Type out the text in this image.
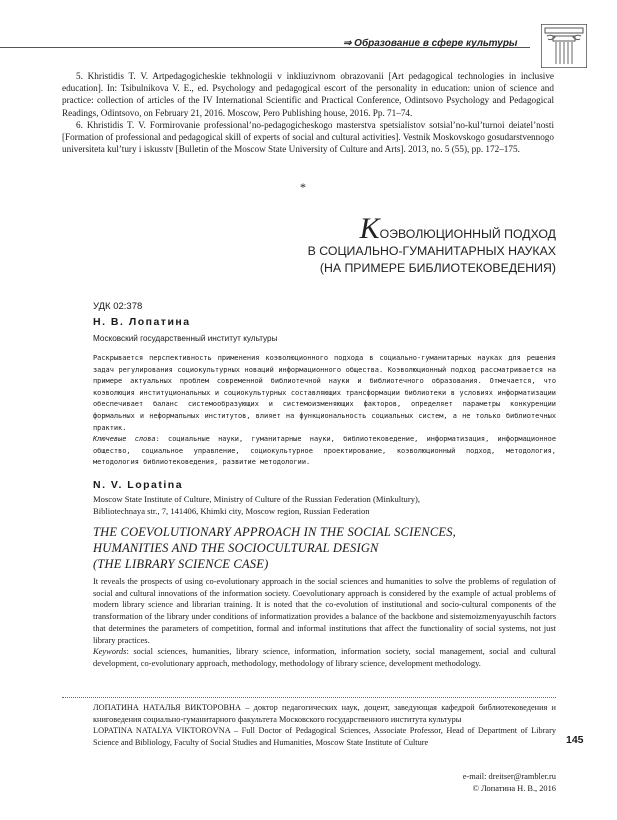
⇒ Образование в сфере культуры

5. Khristidis T. V. Artpedagogicheskie tekhnologii v inkliuzivnom obrazovanii [Art pedagogical technologies in inclusive education]. In: Tsibulnikova V. E., ed. Psychology and pedagogical escort of the personality in education: union of science and practice: collection of articles of the IV International Scientific and Practical Conference, Odintsovo Psychology and Pedagogical Readings, Odintsovo, on February 21, 2016. Moscow, Pero Publishing house, 2016. Pp. 71–74.

6. Khristidis T. V. Formirovanie professional’no-pedagogicheskogo masterstva spetsialistov sotsial’no-kul’turnoi deiatel’nosti [Formation of professional and pedagogical skill of experts of social and cultural activities]. Vestnik Moskovskogo gosudarstvennogo universiteta kul’tury i iskusstv [Bulletin of the Moscow State University of Culture and Arts]. 2013, no. 5 (55), pp. 172–175.

*
КОЭВОЛЮЦИОННЫЙ ПОДХОД
В СОЦИАЛЬНО-ГУМАНИТАРНЫХ НАУКАХ
(НА ПРИМЕРЕ БИБЛИОТЕКОВЕДЕНИЯ)
УДК 02:378
Н. В. Лопатина
Московский государственный институт культуры

Раскрывается перспективность применения коэволюционного подхода в социально-гуманитарных науках для решения задач регулирования социокультурных новаций информационного общества. Коэволюционный подход рассматривается на примере актуальных проблем современной библиотечной науки и библиотечного образования. Отмечается, что коэволюция институциональных и социокультурных составляющих трансформации библиотеки в условиях информатизации обеспечивает баланс системообразующих и системоизменяющих факторов, определяет параметры конкуренции формальных и неформальных институтов, влияет на функциональность социальных систем, а не только библиотечных практик.

Ключевые слова: социальные науки, гуманитарные науки, библиотековедение, информатизация, информационное общество, социальное управление, социокультурное проектирование, коэволюционный подход, методология, методология библиотековедения, развитие методологии.

N. V. Lopatina
Moscow State Institute of Culture, Ministry of Culture of the Russian Federation (Minkultury),
Bibliotechnaya str., 7, 141406, Khimki city, Moscow region, Russian Federation
THE COEVOLUTIONARY APPROACH IN THE SOCIAL SCIENCES,
HUMANITIES AND THE SOCIOCULTURAL DESIGN
(THE LIBRARY SCIENCE CASE)

It reveals the prospects of using co-evolutionary approach in the social sciences and humanities to solve the problems of regulation of social and cultural innovations of the information society. Coevolutionary approach is considered by the example of actual problems of modern library science and librarian training. It is noted that the co-evolution of institutional and socio-cultural components of the transformation of the library under conditions of informatization provides a balance of the backbone and sistemoizmenyayuschih factors that determines the parameters of competition, formal and informal institutions that affect the functionality of social systems, not just library practices.

Keywords: social sciences, humanities, library science, information, information society, social management, social and cultural development, co-evolutionary approach, methodology, methodology of library science, development methodology.

ЛОПАТИНА НАТАЛЬЯ ВИКТОРОВНА – доктор педагогических наук, доцент, заведующая кафедрой библиотековедения и книговедения социально-гуманитарного факультета Московского государственного института культуры

LOPATINA NATALYA VIKTOROVNA – Full Doctor of Pedagogical Sciences, Associate Professor, Head of Department of Library Science and Bibliology, Faculty of Social Studies and Humanities, Moscow State Institute of Culture	145
e-mail: dreitser@rambler.ru
© Лопатина Н. В., 2016
